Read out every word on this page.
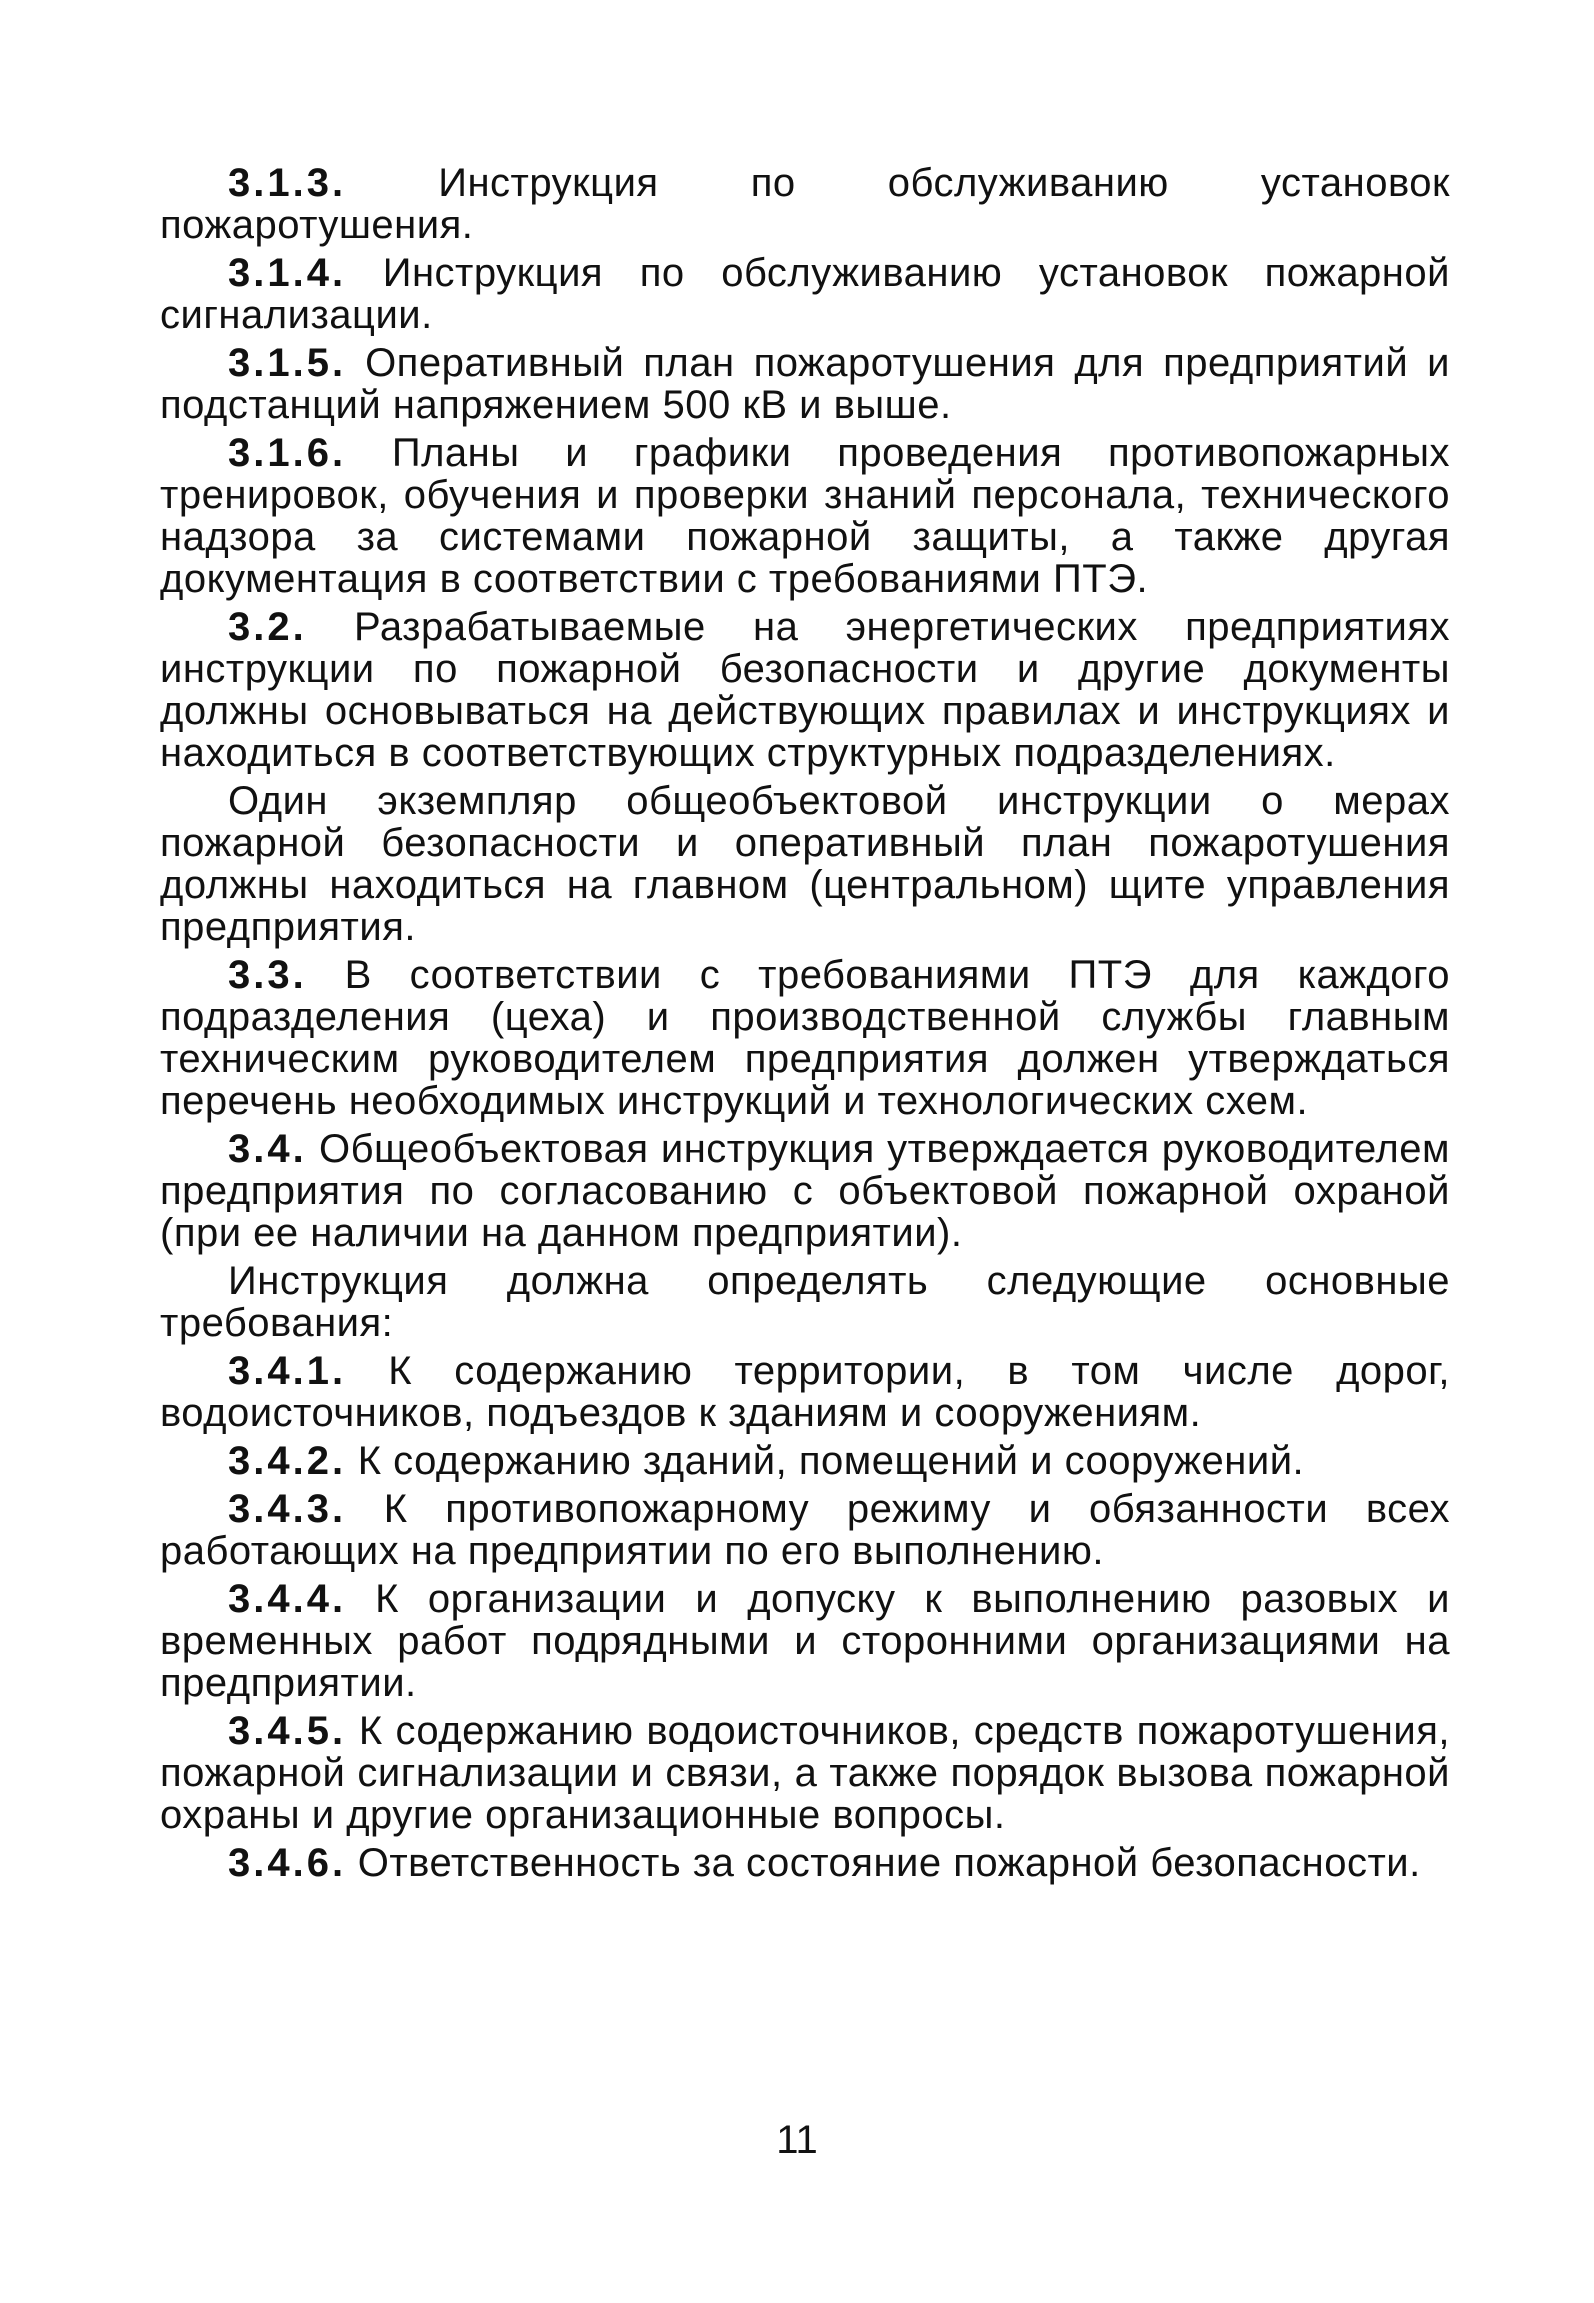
3.1.3. Инструкция по обслуживанию установок пожаротушения.

3.1.4. Инструкция по обслуживанию установок пожарной сигнализации.

3.1.5. Оперативный план пожаротушения для предприятий и подстанций напряжением 500 кВ и выше.

3.1.6. Планы и графики проведения противопожарных тренировок, обучения и проверки знаний персонала, технического надзора за системами пожарной защиты, а также другая документация в соответствии с требованиями ПТЭ.

3.2. Разрабатываемые на энергетических предприятиях инструкции по пожарной безопасности и другие документы должны основываться на действующих правилах и инструкциях и находиться в соответствующих структурных подразделениях.

Один экземпляр общеобъектовой инструкции о мерах пожарной безопасности и оперативный план пожаротушения должны находиться на главном (центральном) щите управления предприятия.

3.3. В соответствии с требованиями ПТЭ для каждого подразделения (цеха) и производственной службы главным техническим руководителем предприятия должен утверждаться перечень необходимых инструкций и технологических схем.

3.4. Общеобъектовая инструкция утверждается руководителем предприятия по согласованию с объектовой пожарной охраной (при ее наличии на данном предприятии).

Инструкция должна определять следующие основные требования:

3.4.1. К содержанию территории, в том числе дорог, водоисточников, подъездов к зданиям и сооружениям.

3.4.2. К содержанию зданий, помещений и сооружений.

3.4.3. К противопожарному режиму и обязанности всех работающих на предприятии по его выполнению.

3.4.4. К организации и допуску к выполнению разовых и временных работ подрядными и сторонними организациями на предприятии.

3.4.5. К содержанию водоисточников, средств пожаротушения, пожарной сигнализации и связи, а также порядок вызова пожарной охраны и другие организационные вопросы.

3.4.6. Ответственность за состояние пожарной безопасности.

11
